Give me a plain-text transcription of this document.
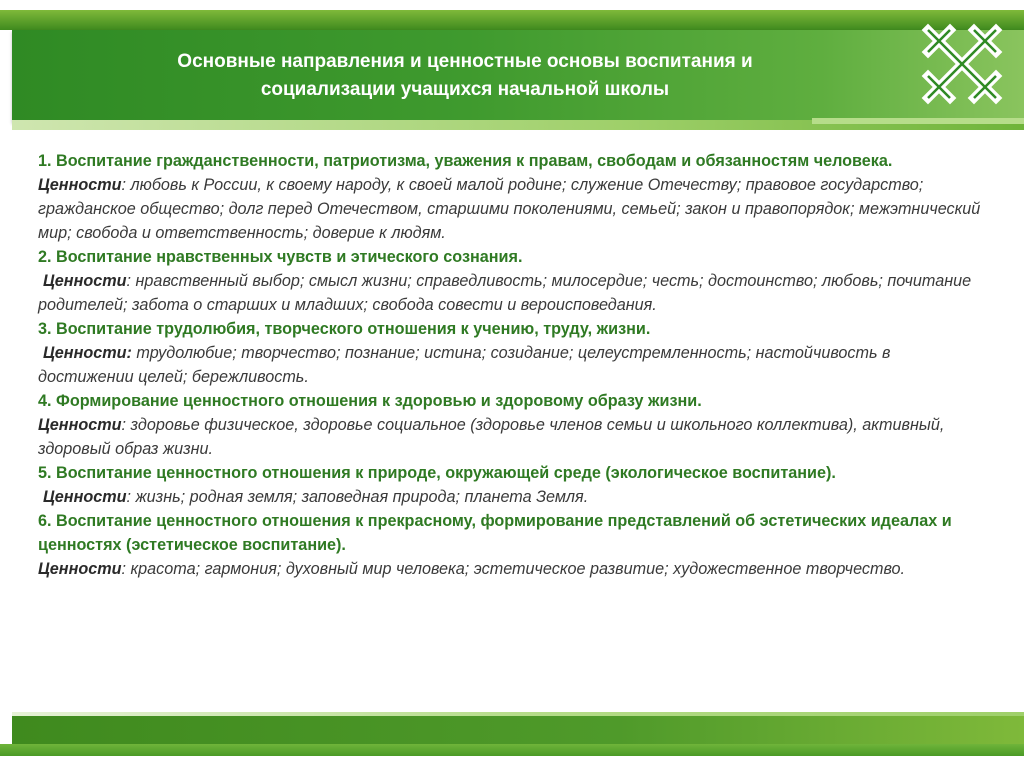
Основные направления и ценностные основы воспитания и
социализации учащихся начальной школы

1. Воспитание гражданственности, патриотизма, уважения к правам, свободам и обязанностям человека.
Ценности: любовь к России, к своему народу, к своей малой родине; служение Отечеству; правовое государство; гражданское общество; долг перед Отечеством, старшими поколениями, семьей; закон и правопорядок; межэтнический мир; свобода и ответственность; доверие к людям.

2. Воспитание нравственных чувств и этического сознания.
Ценности: нравственный выбор; смысл жизни; справедливость; милосердие; честь; достоинство; любовь; почитание родителей; забота о старших и младших; свобода совести и вероисповедания.

3. Воспитание трудолюбия, творческого отношения к учению, труду, жизни.
Ценности: трудолюбие; творчество; познание; истина; созидание; целеустремленность; настойчивость в достижении целей; бережливость.

4. Формирование ценностного отношения к здоровью и здоровому образу жизни.
Ценности: здоровье физическое, здоровье социальное (здоровье членов семьи и школьного коллектива), активный, здоровый образ жизни.

5. Воспитание ценностного отношения к природе, окружающей среде (экологическое воспитание).
Ценности: жизнь; родная земля; заповедная природа; планета Земля.

6. Воспитание ценностного отношения к прекрасному, формирование представлений об эстетических идеалах и ценностях (эстетическое воспитание).
Ценности: красота; гармония; духовный мир человека; эстетическое развитие; художественное творчество.
